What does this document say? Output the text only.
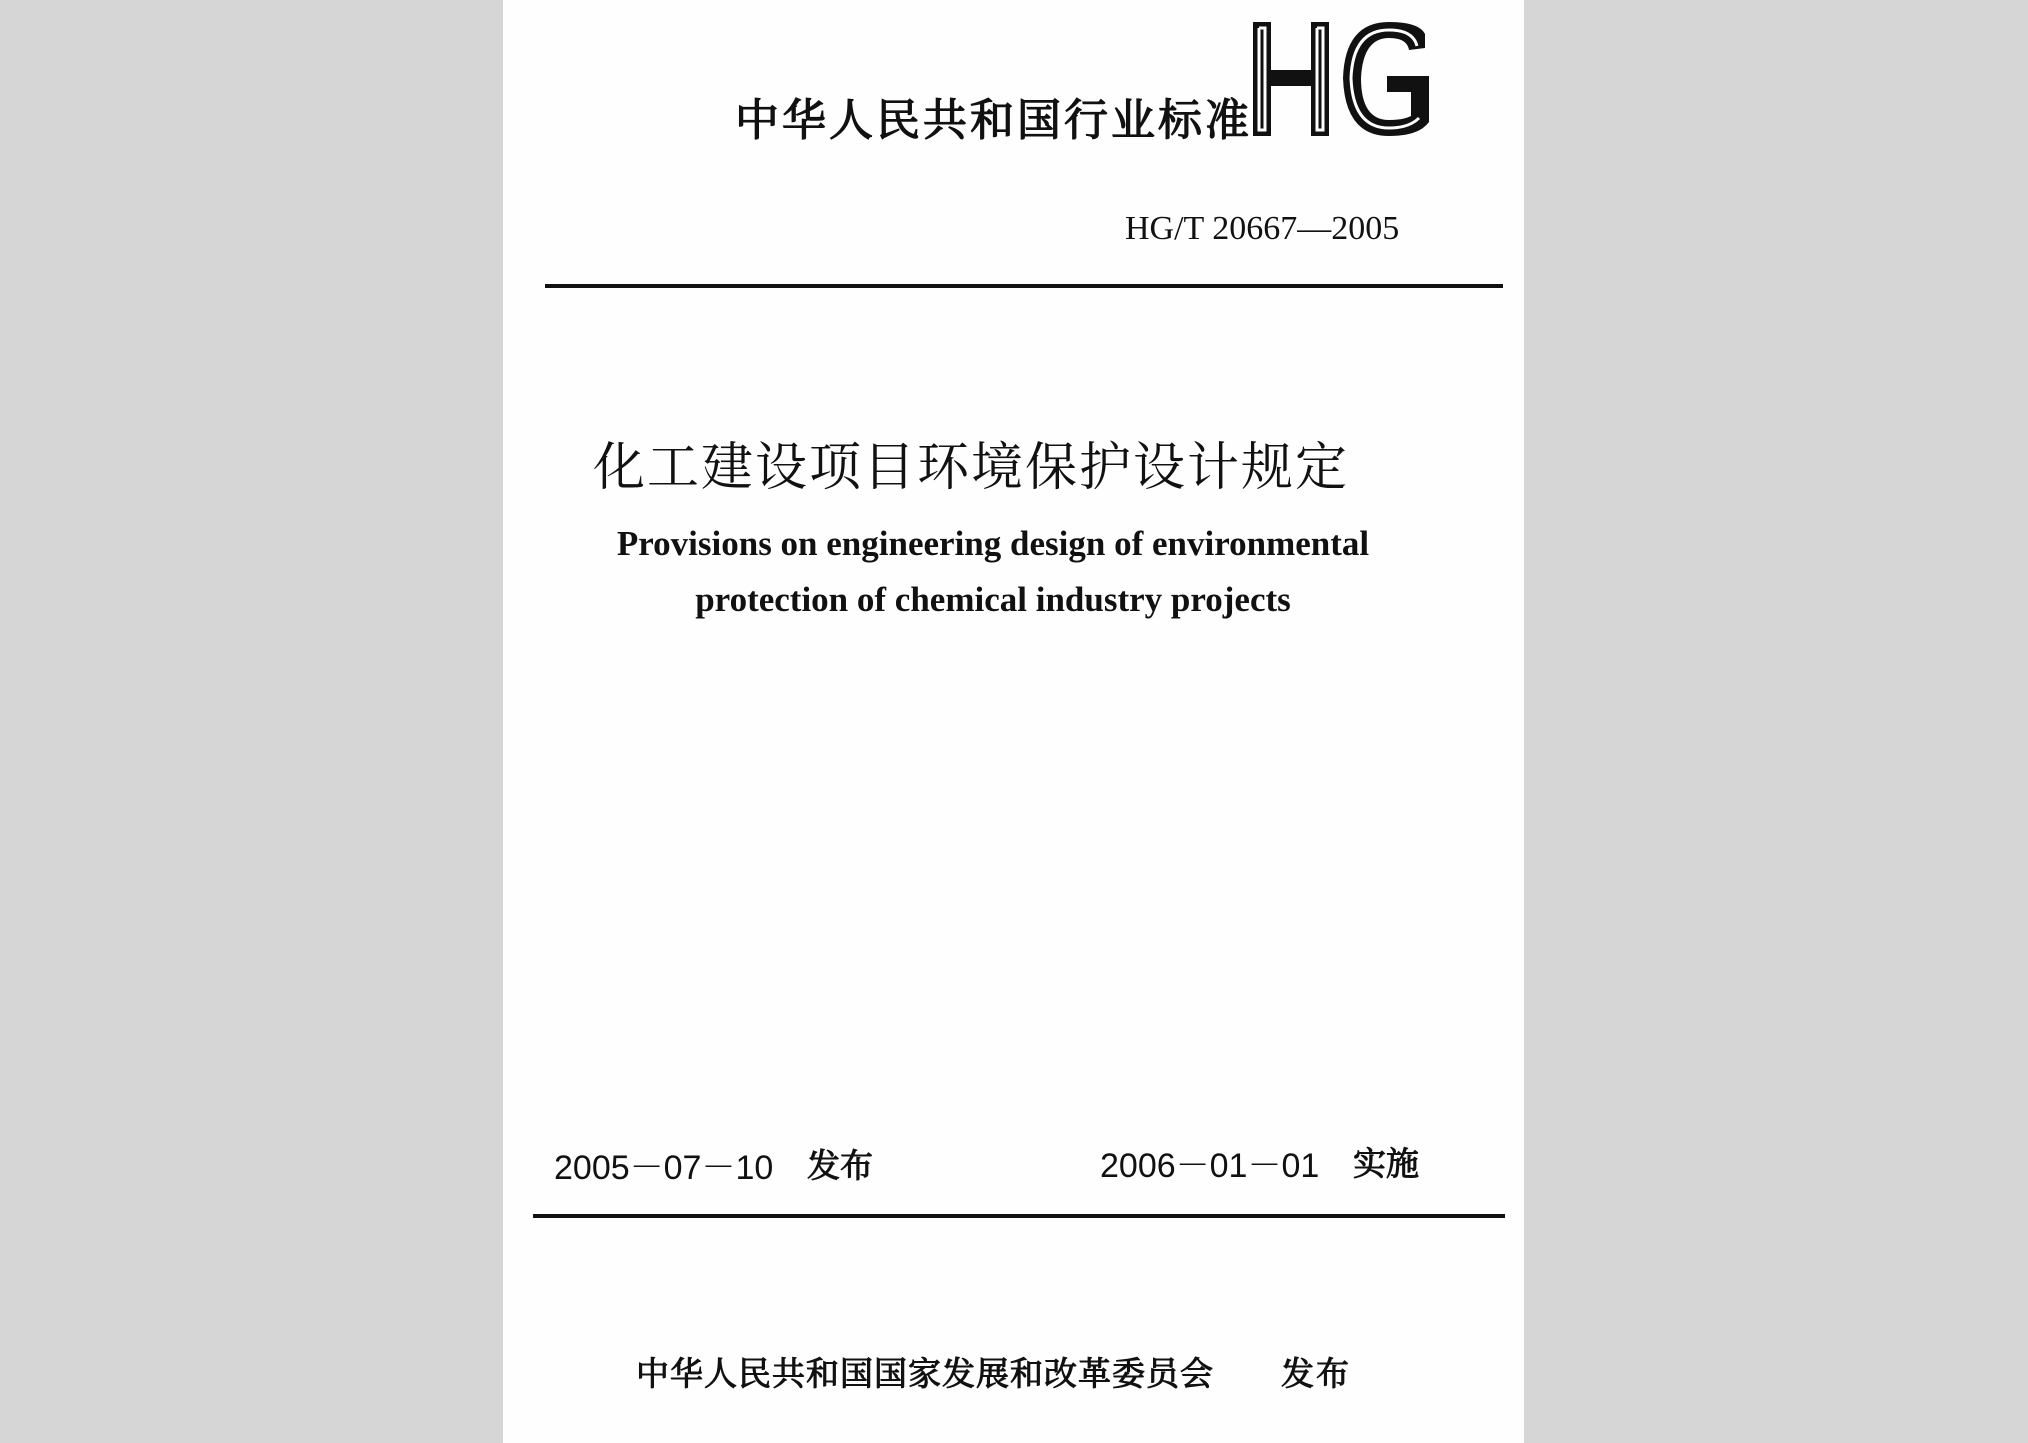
中华人民共和国行业标准
HG/T 20667—2005
化工建设项目环境保护设计规定
Provisions on engineering design of environmental
protection of chemical industry projects
2005－07－10 发布	2006－01－01 实施
中华人民共和国国家发展和改革委员会 发布
